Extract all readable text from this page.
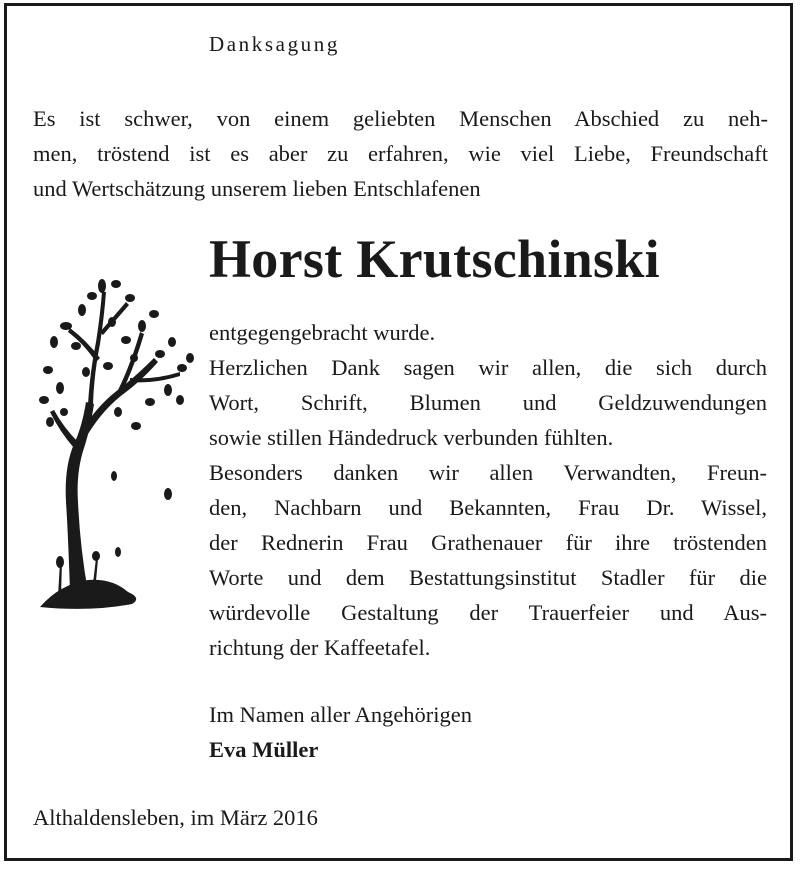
Danksagung
Es ist schwer, von einem geliebten Menschen Abschied zu neh-
men, tröstend ist es aber zu erfahren, wie viel Liebe, Freundschaft
und Wertschätzung unserem lieben Entschlafenen
Horst Krutschinski
entgegengebracht wurde.
Herzlichen Dank sagen wir allen, die sich durch
Wort, Schrift, Blumen und Geldzuwendungen
sowie stillen Händedruck verbunden fühlten.
Besonders danken wir allen Verwandten, Freun-
den, Nachbarn und Bekannten, Frau Dr. Wissel,
der Rednerin Frau Grathenauer für ihre tröstenden
Worte und dem Bestattungsinstitut Stadler für die
würdevolle Gestaltung der Trauerfeier und Aus-
richtung der Kaffeetafel.
Im Namen aller Angehörigen
Eva Müller
Althaldensleben, im März 2016
